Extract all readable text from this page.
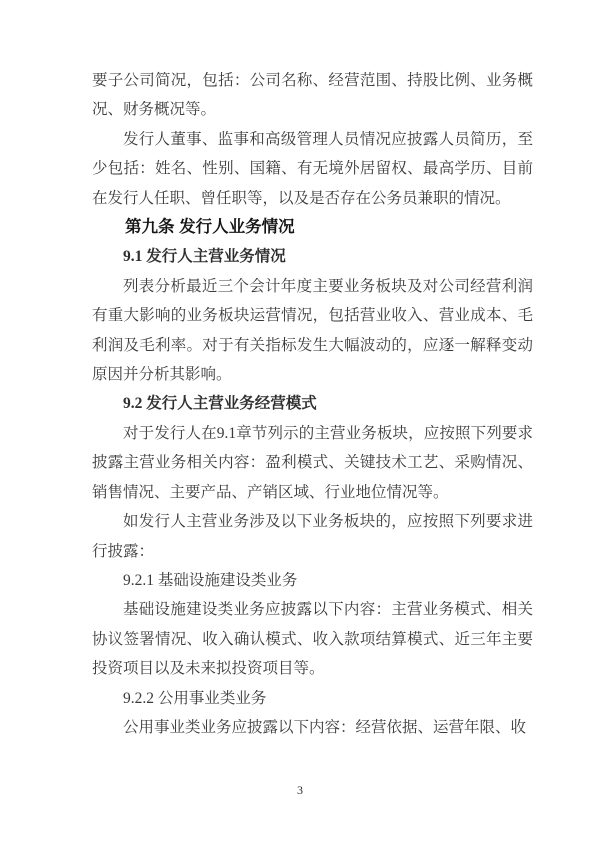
要子公司简况，包括：公司名称、经营范围、持股比例、业务概况、财务概况等。

发行人董事、监事和高级管理人员情况应披露人员简历，至少包括：姓名、性别、国籍、有无境外居留权、最高学历、目前在发行人任职、曾任职等，以及是否存在公务员兼职的情况。

第九条 发行人业务情况

9.1 发行人主营业务情况

列表分析最近三个会计年度主要业务板块及对公司经营利润有重大影响的业务板块运营情况，包括营业收入、营业成本、毛利润及毛利率。对于有关指标发生大幅波动的，应逐一解释变动原因并分析其影响。

9.2 发行人主营业务经营模式

对于发行人在9.1章节列示的主营业务板块，应按照下列要求披露主营业务相关内容：盈利模式、关键技术工艺、采购情况、销售情况、主要产品、产销区域、行业地位情况等。

如发行人主营业务涉及以下业务板块的，应按照下列要求进行披露：

9.2.1 基础设施建设类业务

基础设施建设类业务应披露以下内容：主营业务模式、相关协议签署情况、收入确认模式、收入款项结算模式、近三年主要投资项目以及未来拟投资项目等。

9.2.2 公用事业类业务

公用事业类业务应披露以下内容：经营依据、运营年限、收

3
